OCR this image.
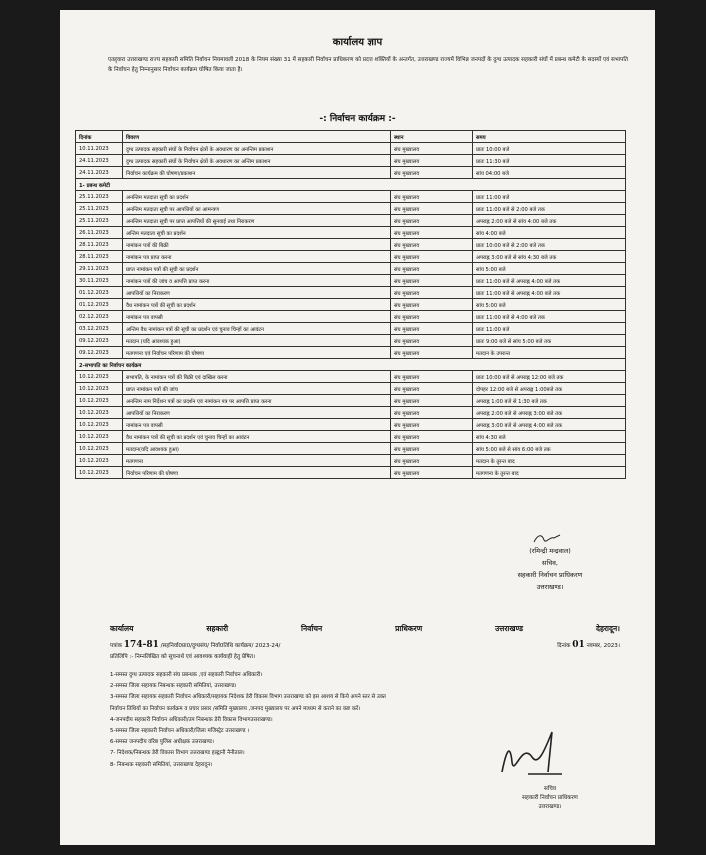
कार्यालय ज्ञाप
एतद्द्वारा उत्तराखण्ड राज्य सहकारी समिति निर्वाचन नियमावली 2018 के नियम संख्या 31 में सहकारी निर्वाचन प्राधिकरण को प्रदत्त शक्तियों के अन्तर्गत, उत्तराखण्ड राज्यमें विभिन्न जनपदों के दुग्ध उत्पादक सहकारी संघों में प्रबन्ध कमेटी के सदस्यों एवं सभापति के निर्वाचन हेतु निम्नानुसार निर्वाचन कार्यक्रम घोषित किया जाता है।
-: निर्वाचन कार्यक्रम :-
दिनांक	विवरण	स्थान	समय
10.11.2023	दुग्ध उत्पादक सहकारी संघों के निर्वाचन क्षेत्रों के अवधारण का अनन्तिम प्रकाशन	संघ मुख्यालय	प्रातः 10:00 बजे
24.11.2023	दुग्ध उत्पादक सहकारी संघों के निर्वाचन क्षेत्रों के अवधारण का अन्तिम प्रकाशन	संघ मुख्यालय	प्रातः 11:30 बजे
24.11.2023	निर्वाचन कार्यक्रम की घोषणा/प्रकाशन	संघ मुख्यालय	सांय 04:00 बजे
1- प्रबन्ध कमेटी			
25.11.2023	अनन्तिम मतदाता सूची का प्रदर्शन	संघ मुख्यालय	प्रातः 11:00 बजे
25.11.2023	अनन्तिम मतदाता सूची पर आपत्तियों का आमन्त्रण	संघ मुख्यालय	प्रातः 11:00 बजे से 2:00 बजे तक
25.11.2023	अनन्तिम मतदाता सूची पर प्राप्त आपत्तियों की सुनवाई तथा निराकरण	संघ मुख्यालय	अपराह्न 2:00 बजे से सांय 4:00 बजे तक
26.11.2023	अन्तिम मतदाता सूची का प्रदर्शन	संघ मुख्यालय	सांय 4:00 बजे
28.11.2023	नामांकन पत्रों की बिक्री	संघ मुख्यालय	प्रातः 10:00 बजे से 2:00 बजे तक
28.11.2023	नामांकन पत्र प्राप्त करना	संघ मुख्यालय	अपराह्न 3:00 बजे से सांय 4:30 बजे तक
29.11.2023	प्राप्त नामांकन पत्रों की सूची का प्रदर्शन	संघ मुख्यालय	सांय 5:00 बजे
30.11.2023	नामांकन पत्रों की जांच व आपत्ति प्राप्त करना	संघ मुख्यालय	प्रातः 11:00 बजे से अपराह्न 4:00 बजे तक
01.12.2023	आपत्तियों का निराकरण	संघ मुख्यालय	प्रातः 11:00 बजे से अपराह्न 4:00 बजे तक
01.12.2023	वैध नामांकन पत्रों की सूची का प्रदर्शन	संघ मुख्यालय	सांय 5:00 बजे
02.12.2023	नामांकन पत्र वापसी	संघ मुख्यालय	प्रातः 11:00 बजे से 4:00 बजे तक
03.12.2023	अन्तिम वैध नामांकन पत्रों की सूची का प्रदर्शन एवं चुनाव चिन्हों का आवंटन	संघ मुख्यालय	प्रातः 11:00 बजे
09.12.2023	मतदान (यदि आवश्यक हुआ)	संघ मुख्यालय	प्रातः 9:00 बजे से सांय 5:00 बजे तक
09.12.2023	मतगणना एवं निर्वाचन परिणाम की घोषणा	संघ मुख्यालय	मतदान के उपरान्त
2-सभापति का निर्वाचन कार्यक्रम			
10.12.2023	सभापति, के नामांकन पत्रों की बिक्री एवं दाखिल करना	संघ मुख्यालय	प्रातः 10:00 बजे से अपराह्न 12:00 बजे तक
10.12.2023	प्राप्त नामांकन पत्रों की जांच	संघ मुख्यालय	दोपहर 12:00 बजे से अपराह्न 1:00बजे तक
10.12.2023	अनन्तिम नाम निर्देशन पत्रों का प्रदर्शन एवं नामांकन पत्र पर आपत्ति प्राप्त करना	संघ मुख्यालय	अपराह्न 1:00 बजे से 1:30 बजे तक
10.12.2023	आपत्तियों का निराकरण	संघ मुख्यालय	अपराह्न 2:00 बजे से अपराह्न 3:00 बजे तक
10.12.2023	नामांकन पत्र वापसी	संघ मुख्यालय	अपराह्न 3:00 बजे से अपराह्न 4:00 बजे तक
10.12.2023	वैध नामांकन पत्रों की सूची का प्रदर्शन एवं चुनाव चिन्हों का आवंटन	संघ मुख्यालय	सांय 4:30 बजे
10.12.2023	मतदान(यदि आवश्यक हुआ)	संघ मुख्यालय	सांय 5:00 बजे से सांय 6:00 बजे तक
10.12.2023	मतगणना	संघ मुख्यालय	मतदान के तुरन्त बाद
10.12.2023	निर्वाचन परिणाम की घोषणा	संघ मुख्यालय	मतगणना के तुरन्त बाद
(रमिन्द्री मन्द्रवाल)
सचिव,
सहकारी निर्वाचन प्राधिकरण
उत्तराखण्ड।
कार्यालय	सहकारी	निर्वाचन	प्राधिकरण	उत्तराखण्ड	देहरादून।
पत्रांक 174-81 /सहनिर्वा0प्रा0/दुग्धसंघ/ निर्वा0तिथि कार्यक्रम/ 2023-24/	दिनांक 01 नवम्बर, 2023।
प्रतिलिपि :- निम्नलिखित को सूचनार्थ एवं आवश्यक कार्यवाही हेतु प्रेषित।
1-समस्त दुग्ध उत्पादक सहकारी संघ प्रबन्धक ,एवं सहकारी निर्वाचन अधिकारी।
2-समस्त जिला सहायक निबन्धक सहकारी समितियां, उत्तराखण्ड।
3-समस्त जिला सहायक सहकारी निर्वाचन अधिकारी/सहायक निदेशक डेरी विकास विभाग उत्तराखण्ड को इस आशय से किये अपने स्तर से उक्त
निर्वाचन तिथियों का निर्वाचन कार्यक्रम व प्रचार प्रसार /समिति मुख्यालय ,जनपद मुख्यालय पर अपने माध्यम से कराने का कष्ट करें।
4-जनपदीय सहकारी निर्वाचन अधिकारी/उप निबन्धक डेरी विकास विभागउत्तराखण्ड।
5-समस्त जिला सहकारी निर्वाचन अधिकारी/जिला मजिस्ट्रेट उत्तराखण्ड ।
6-समस्त जनपदीय वरिष्ठ पुलिस अधीक्षक उत्तराखण्ड।
7- निदेशक/निबन्धक डेरी विकास विभाग उत्तराखण्ड हल्द्वानी नैनीताल।
8- निबन्धक सहकारी समितियां, उत्तराखण्ड देहरादून।
सचिव
सहकारी निर्वाचन प्राधिकरण
उत्तराखण्ड।
